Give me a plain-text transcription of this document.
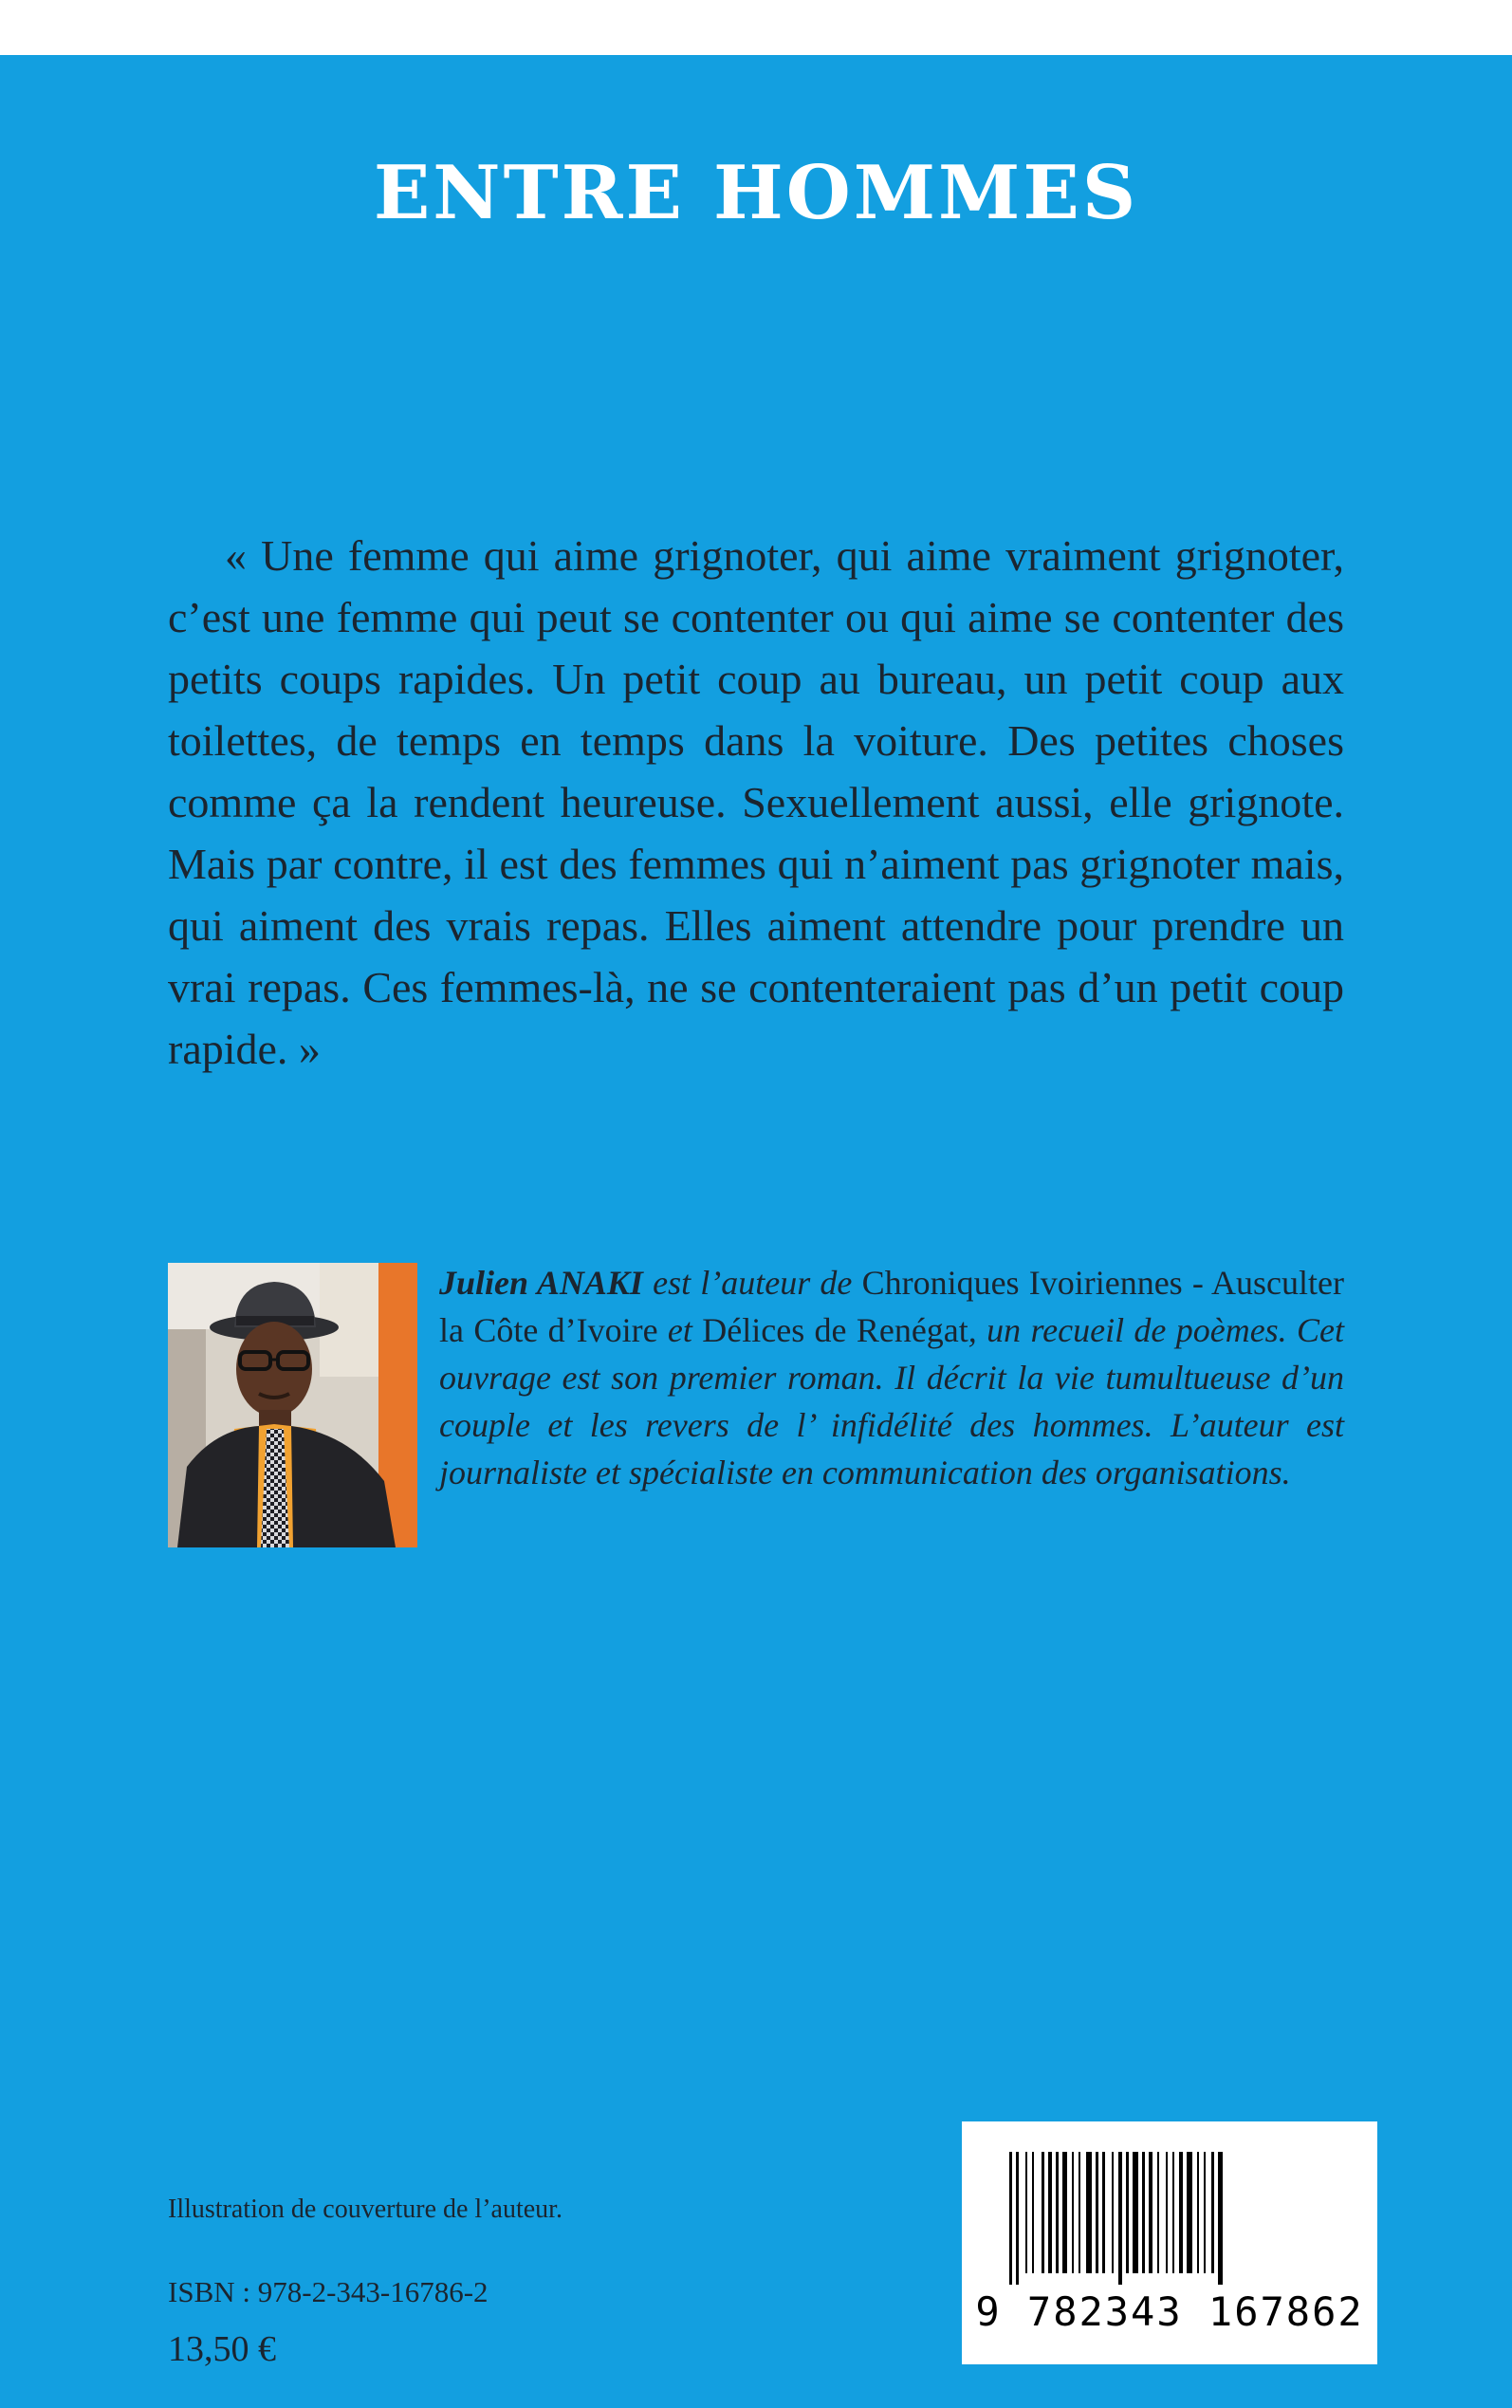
ENTRE HOMMES

« Une femme qui aime grignoter, qui aime vraiment grignoter, c’est une femme qui peut se contenter ou qui aime se contenter des petits coups rapides. Un petit coup au bureau, un petit coup aux toilettes, de temps en temps dans la voiture. Des petites choses comme ça la rendent heureuse. Sexuellement aussi, elle grignote. Mais par contre, il est des femmes qui n’aiment pas grignoter mais, qui aiment des vrais repas. Elles aiment attendre pour prendre un vrai repas. Ces femmes-là, ne se contenteraient pas d’un petit coup rapide. »

Julien ANAKI est l’auteur de Chroniques Ivoiriennes - Ausculter la Côte d’Ivoire et Délices de Renégat, un recueil de poèmes. Cet ouvrage est son premier roman. Il décrit la vie tumultueuse d’un couple et les revers de l’ infidélité des hommes. L’auteur est journaliste et spécialiste en communication des organisations.

Illustration de couverture de l’auteur.

ISBN : 978-2-343-16786-2

13,50 €

9 782343 167862
